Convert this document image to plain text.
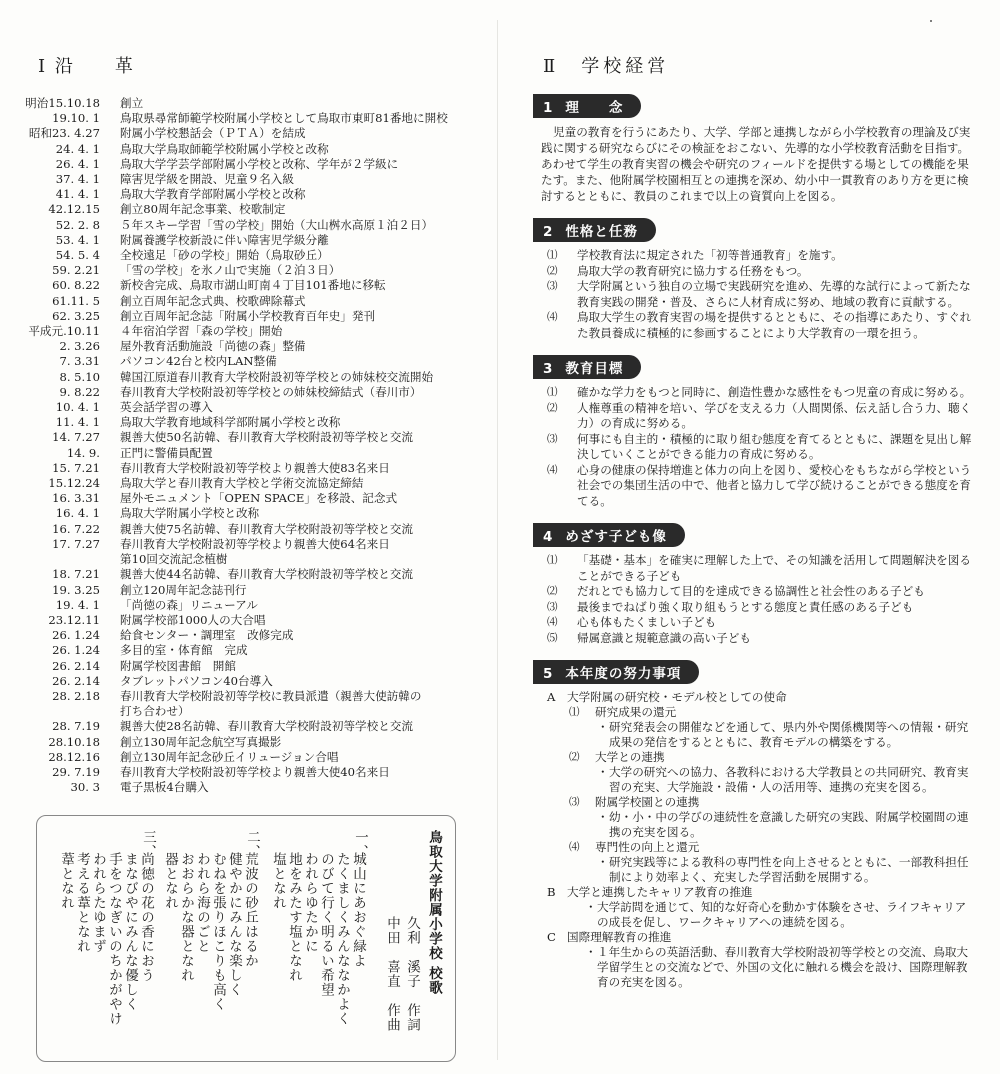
Ⅰ 沿　　革
明治15.10.18	創立
19.10. 1	鳥取県尋常師範学校附属小学校として鳥取市東町81番地に開校
昭和23. 4.27	附属小学校懇話会（ＰＴＡ）を結成
24. 4. 1	鳥取大学鳥取師範学校附属小学校と改称
26. 4. 1	鳥取大学学芸学部附属小学校と改称、学年が２学級に
37. 4. 1	障害児学級を開設、児童９名入級
41. 4. 1	鳥取大学教育学部附属小学校と改称
42.12.15	創立80周年記念事業、校歌制定
52. 2. 8	５年スキー学習「雪の学校」開始（大山桝水高原１泊２日）
53. 4. 1	附属養護学校新設に伴い障害児学級分離
54. 5. 4	全校遠足「砂の学校」開始（鳥取砂丘）
59. 2.21	「雪の学校」を氷ノ山で実施（２泊３日）
60. 8.22	新校舎完成、鳥取市湖山町南４丁目101番地に移転
61.11. 5	創立百周年記念式典、校歌碑除幕式
62. 3.25	創立百周年記念誌「附属小学校教育百年史」発刊
平成元.10.11	４年宿泊学習「森の学校」開始
2. 3.26	屋外教育活動施設「尚徳の森」整備
7. 3.31	パソコン42台と校内LAN整備
8. 5.10	韓国江原道春川教育大学校附設初等学校との姉妹校交流開始
9. 8.22	春川教育大学校附設初等学校との姉妹校締結式（春川市）
10. 4. 1	英会話学習の導入
11. 4. 1	鳥取大学教育地域科学部附属小学校と改称
14. 7.27	親善大使50名訪韓、春川教育大学校附設初等学校と交流
14. 9.	正門に警備員配置
15. 7.21	春川教育大学校附設初等学校より親善大使83名来日
15.12.24	鳥取大学と春川教育大学校と学術交流協定締結
16. 3.31	屋外モニュメント「OPEN SPACE」を移設、記念式
16. 4. 1	鳥取大学附属小学校と改称
16. 7.22	親善大使75名訪韓、春川教育大学校附設初等学校と交流
17. 7.27	春川教育大学校附設初等学校より親善大使64名来日
第10回交流記念植樹
18. 7.21	親善大使44名訪韓、春川教育大学校附設初等学校と交流
19. 3.25	創立120周年記念誌刊行
19. 4. 1	「尚徳の森」リニューアル
23.12.11	附属学校部1000人の大合唱
26. 1.24	給食センター・調理室　改修完成
26. 1.24	多目的室・体育館　完成
26. 2.14	附属学校図書館　開館
26. 2.14	タブレットパソコン40台導入
28. 2.18	春川教育大学校附設初等学校に教員派遣（親善大使訪韓の
打ち合わせ）
28. 7.19	親善大使28名訪韓、春川教育大学校附設初等学校と交流
28.10.18	創立130周年記念航空写真撮影
28.12.16	創立130周年記念砂丘イリュージョン合唱
29. 7.19	春川教育大学校附設初等学校より親善大使40名来日
30. 3	電子黒板4台購入
鳥取大学附属小学校 校歌
久利　溪子　作詞
中田　喜直　作曲
一、
城山にあおぐ緑よ
たくましくみんななかよく
のびて行く明るい希望
われらゆたかに
地をみたす塩となれ
塩となれ
二、
荒波の砂丘はるか
健やかにみんな楽しく
むねを張りほこりも高く
われら海のごと
おおらかな器となれ
器となれ
三、
尚徳の花の香におう
まなびやにみんな優しく
手をつなぎいのちかがやけ
われらたゆまず
考える葦となれ
葦となれ
Ⅱ　学校経営
1 理　　念

児童の教育を行うにあたり、大学、学部と連携しながら小学校教育の理論及び実践に関する研究ならびにその検証をおこない、先導的な小学校教育活動を目指す。あわせて学生の教育実習の機会や研究のフィールドを提供する場としての機能を果たす。また、他附属学校園相互との連携を深め、幼小中一貫教育のあり方を更に検討するとともに、教員のこれまで以上の資質向上を図る。

2 性格と任務
⑴	学校教育法に規定された「初等普通教育」を施す。
⑵	鳥取大学の教育研究に協力する任務をもつ。
⑶	大学附属という独自の立場で実践研究を進め、先導的な試行によって新たな教育実践の開発・普及、さらに人材育成に努め、地域の教育に貢献する。
⑷	鳥取大学生の教育実習の場を提供するとともに、その指導にあたり、すぐれた教員養成に積極的に参画することにより大学教育の一環を担う。
3 教育目標
⑴	確かな学力をもつと同時に、創造性豊かな感性をもつ児童の育成に努める。
⑵	人権尊重の精神を培い、学びを支える力（人間関係、伝え話し合う力、聴く力）の育成に努める。
⑶	何事にも自主的・積極的に取り組む態度を育てるとともに、課題を見出し解決していくことができる能力の育成に努める。
⑷	心身の健康の保持増進と体力の向上を図り、愛校心をもちながら学校という社会での集団生活の中で、他者と協力して学び続けることができる態度を育てる。
4 めざす子ども像
⑴	「基礎・基本」を確実に理解した上で、その知識を活用して問題解決を図ることができる子ども
⑵	だれとでも協力して目的を達成できる協調性と社会性のある子ども
⑶	最後までねばり強く取り組もうとする態度と責任感のある子ども
⑷	心も体もたくましい子ども
⑸	帰属意識と規範意識の高い子ども
5 本年度の努力事項
A	大学附属の研究校・モデル校としての使命
⑴	研究成果の還元
・ 研究発表会の開催などを通して、県内外や関係機関等への情報・研究成果の発信をするとともに、教育モデルの構築をする。
⑵	大学との連携
・ 大学の研究への協力、各教科における大学教員との共同研究、教育実習の充実、大学施設・設備・人の活用等、連携の充実を図る。
⑶	附属学校園との連携
・ 幼・小・中の学びの連続性を意識した研究の実践、附属学校園間の連携の充実を図る。
⑷	専門性の向上と還元
・ 研究実践等による教科の専門性を向上させるとともに、一部教科担任制により効率よく、充実した学習活動を展開する。
B 大学と連携したキャリア教育の推進
・ 大学訪問を通じて、知的な好奇心を動かす体験をさせ、ライフキャリアの成長を促し、ワークキャリアへの連続を図る。
C 国際理解教育の推進
・ １年生からの英語活動、春川教育大学校附設初等学校との交流、鳥取大学留学生との交流などで、外国の文化に触れる機会を設け、国際理解教育の充実を図る。
